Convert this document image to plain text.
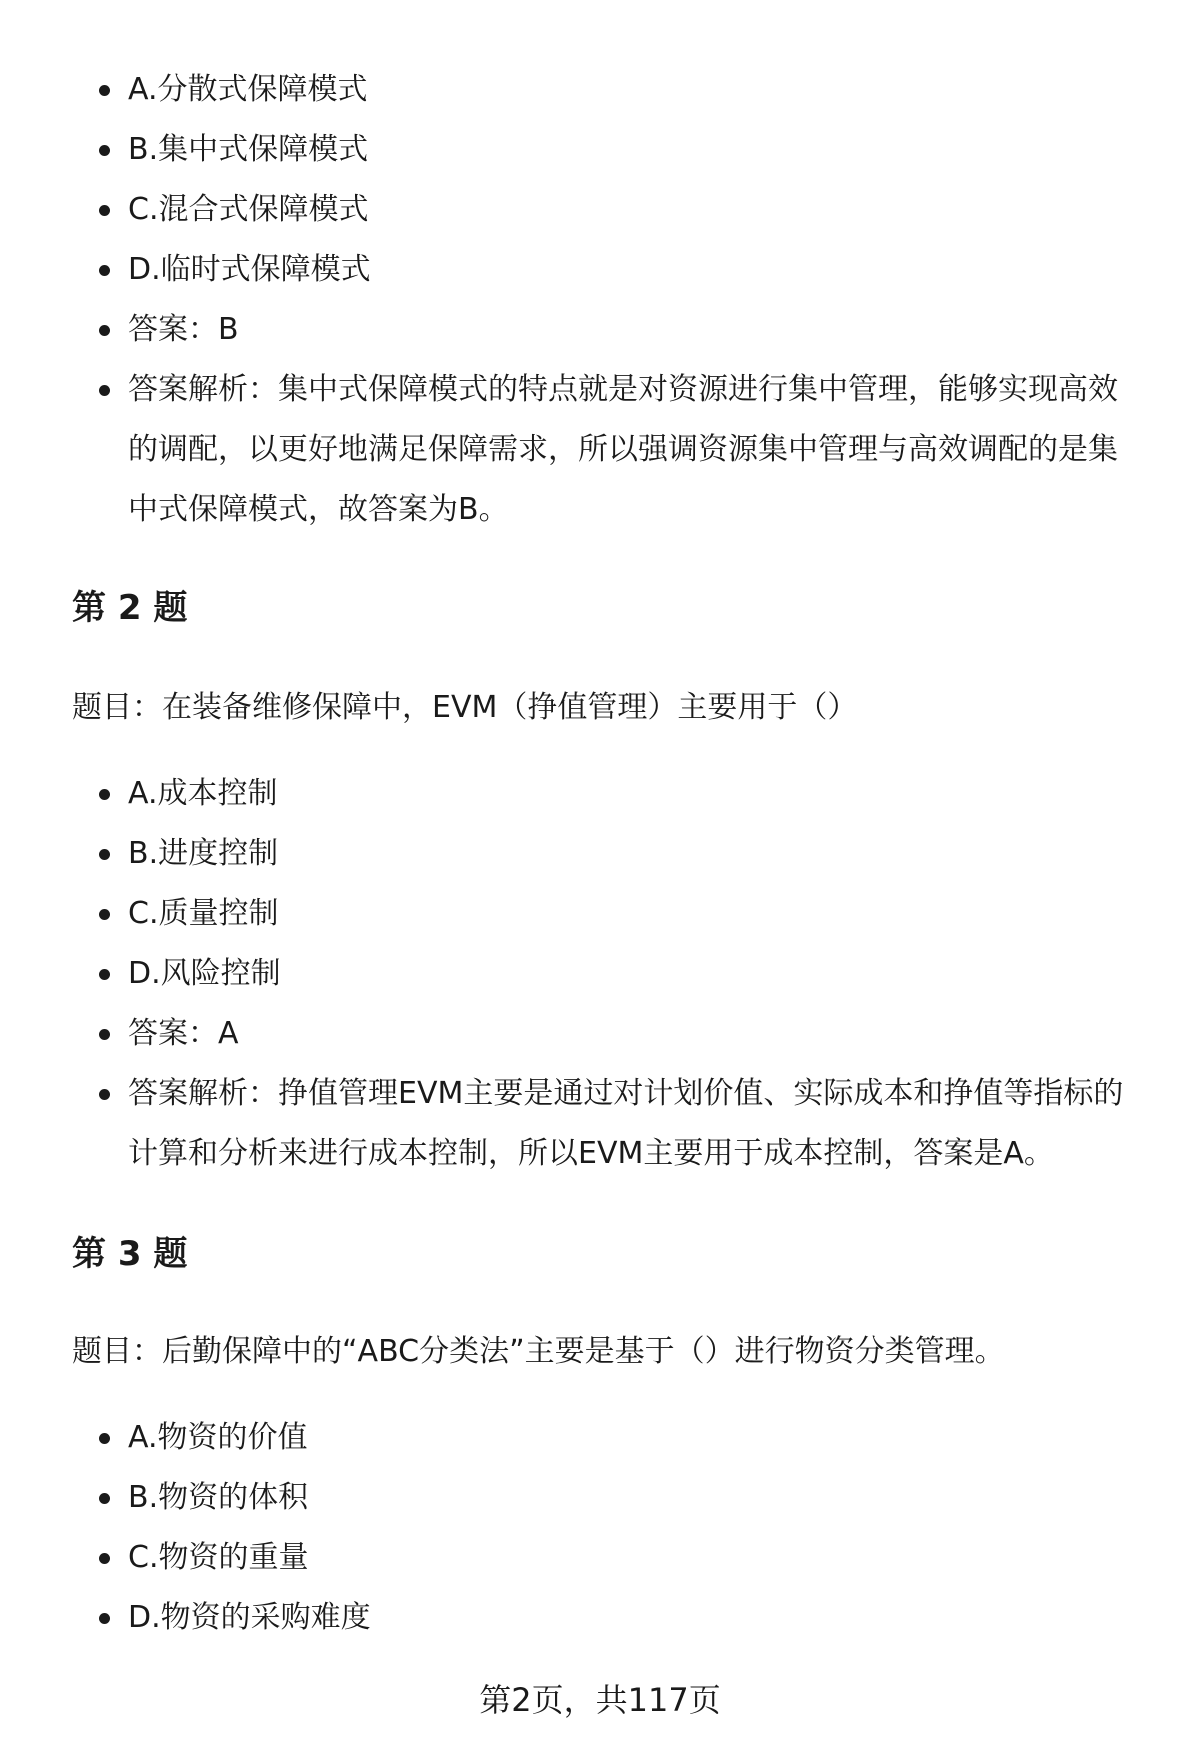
A.分散式保障模式
B.集中式保障模式
C.混合式保障模式
D.临时式保障模式
答案：B
答案解析：集中式保障模式的特点就是对资源进行集中管理，能够实现高效的调配，以更好地满足保障需求，所以强调资源集中管理与高效调配的是集中式保障模式，故答案为B。
第 2 题
题目：在装备维修保障中，EVM（挣值管理）主要用于（）
A.成本控制
B.进度控制
C.质量控制
D.风险控制
答案：A
答案解析：挣值管理EVM主要是通过对计划价值、实际成本和挣值等指标的计算和分析来进行成本控制，所以EVM主要用于成本控制，答案是A。
第 3 题
题目：后勤保障中的“ABC分类法”主要是基于（）进行物资分类管理。
A.物资的价值
B.物资的体积
C.物资的重量
D.物资的采购难度
第2页，共117页
